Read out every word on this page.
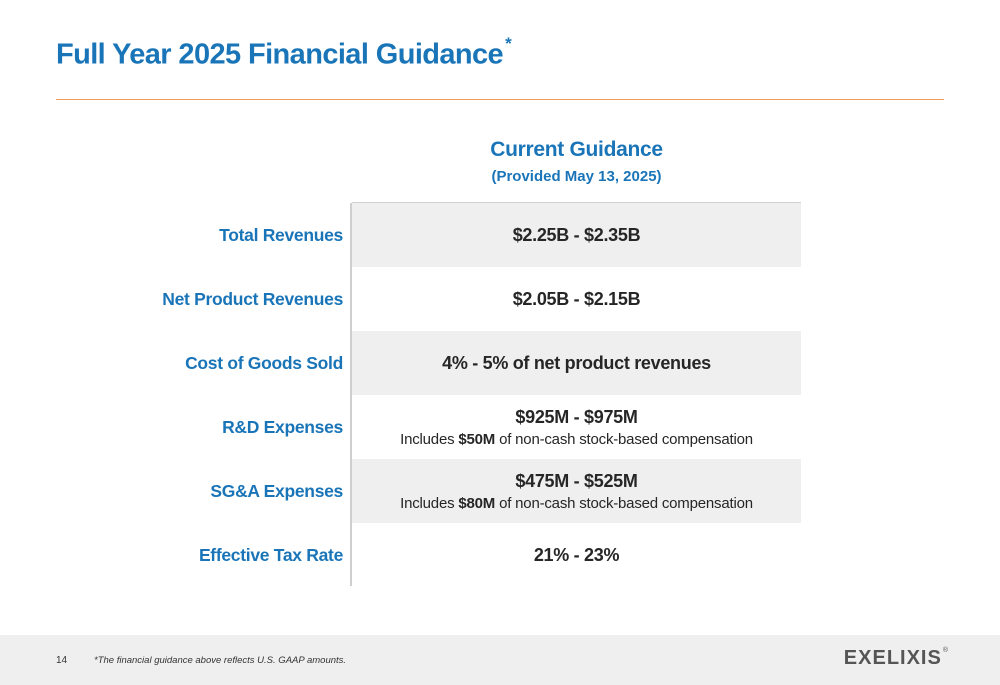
Full Year 2025 Financial Guidance *
Current Guidance
(Provided May 13, 2025)
Total Revenues	$2.25B - $2.35B
Net Product Revenues	$2.05B - $2.15B
Cost of Goods Sold	4% - 5% of net product revenues
R&D Expenses	$925M - $975M
Includes $50M of non-cash stock-based compensation
SG&A Expenses	$475M - $525M
Includes $80M of non-cash stock-based compensation
Effective Tax Rate	21% - 23%
14	*The financial guidance above reflects U.S. GAAP amounts.	EXELIXIS ®
